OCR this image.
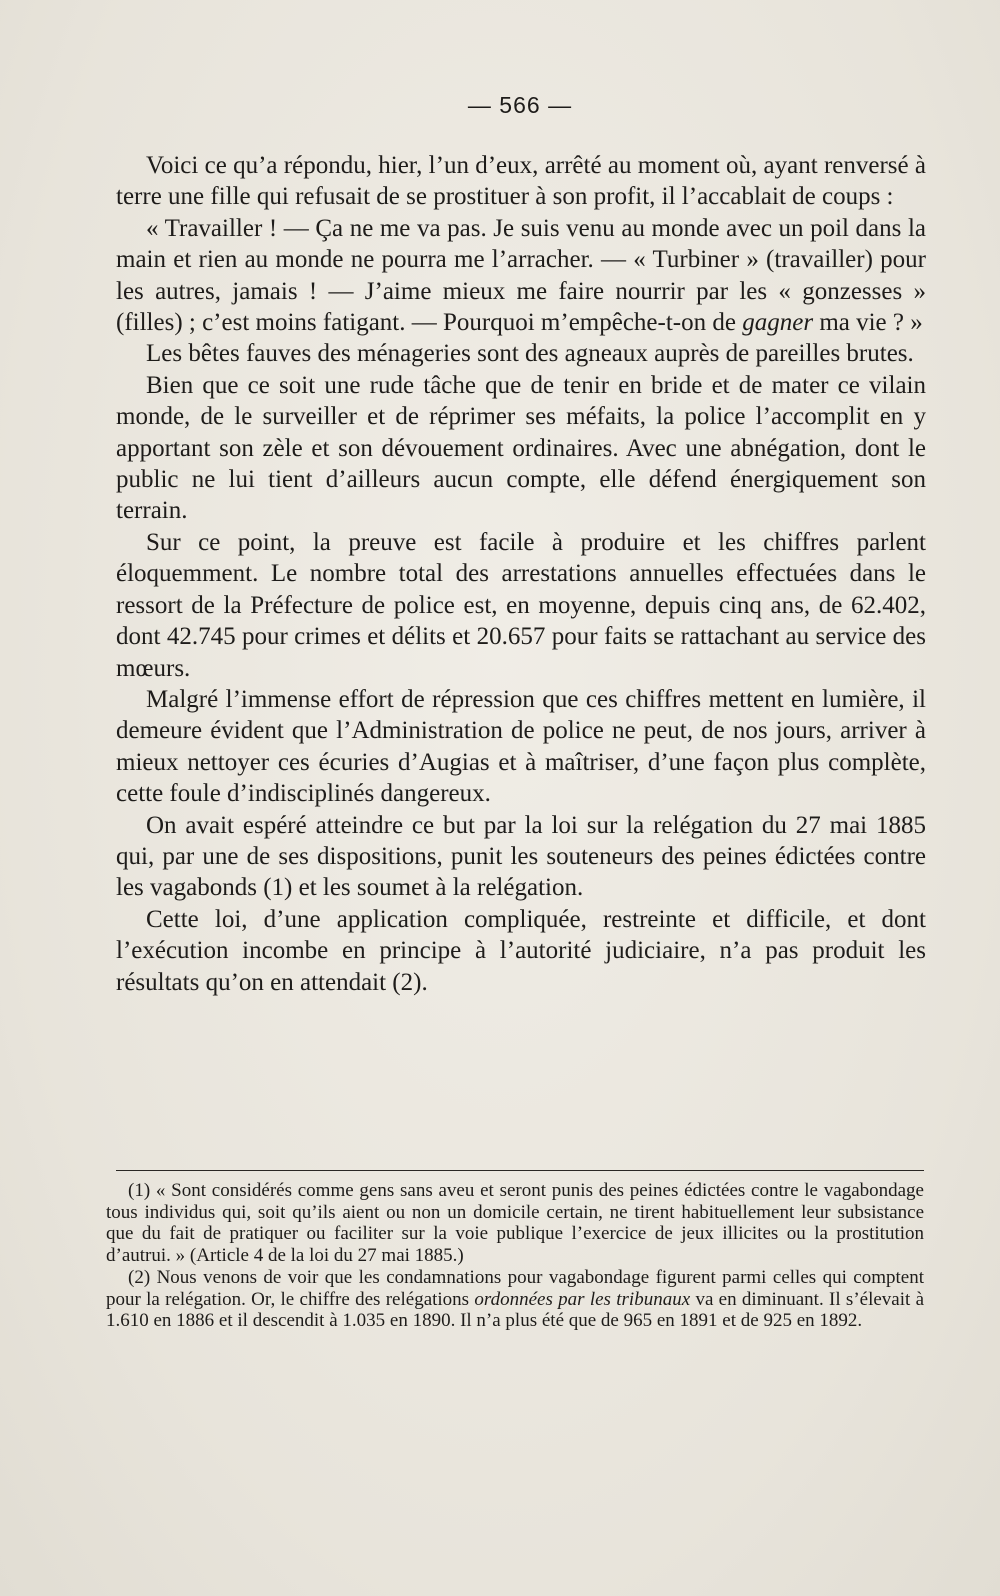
— 566 —

Voici ce qu’a répondu, hier, l’un d’eux, arrêté au moment où, ayant renversé à terre une fille qui refusait de se prostituer à son profit, il l’accablait de coups :

« Travailler ! — Ça ne me va pas. Je suis venu au monde avec un poil dans la main et rien au monde ne pourra me l’arracher. — « Turbiner » (travailler) pour les autres, jamais ! — J’aime mieux me faire nourrir par les « gonzesses » (filles) ; c’est moins fatigant. — Pourquoi m’empêche-t-on de gagner ma vie ? »

Les bêtes fauves des ménageries sont des agneaux auprès de pareilles brutes.

Bien que ce soit une rude tâche que de tenir en bride et de mater ce vilain monde, de le surveiller et de réprimer ses méfaits, la police l’accomplit en y apportant son zèle et son dévouement ordinaires. Avec une abnégation, dont le public ne lui tient d’ailleurs aucun compte, elle défend énergiquement son terrain.

Sur ce point, la preuve est facile à produire et les chiffres parlent éloquemment. Le nombre total des arrestations annuelles effectuées dans le ressort de la Préfecture de police est, en moyenne, depuis cinq ans, de 62.402, dont 42.745 pour crimes et délits et 20.657 pour faits se rattachant au service des mœurs.

Malgré l’immense effort de répression que ces chiffres mettent en lumière, il demeure évident que l’Administration de police ne peut, de nos jours, arriver à mieux nettoyer ces écuries d’Augias et à maîtriser, d’une façon plus complète, cette foule d’indisciplinés dangereux.

On avait espéré atteindre ce but par la loi sur la relégation du 27 mai 1885 qui, par une de ses dispositions, punit les souteneurs des peines édictées contre les vagabonds (1) et les soumet à la relégation.

Cette loi, d’une application compliquée, restreinte et difficile, et dont l’exécution incombe en principe à l’autorité judiciaire, n’a pas produit les résultats qu’on en attendait (2).

(1) « Sont considérés comme gens sans aveu et seront punis des peines édictées contre le vagabondage tous individus qui, soit qu’ils aient ou non un domicile certain, ne tirent habituellement leur subsistance que du fait de pratiquer ou faciliter sur la voie publique l’exercice de jeux illicites ou la prostitution d’autrui. » (Article 4 de la loi du 27 mai 1885.)

(2) Nous venons de voir que les condamnations pour vagabondage figurent parmi celles qui comptent pour la relégation. Or, le chiffre des relégations ordonnées par les tribunaux va en diminuant. Il s’élevait à 1.610 en 1886 et il descendit à 1.035 en 1890. Il n’a plus été que de 965 en 1891 et de 925 en 1892.
